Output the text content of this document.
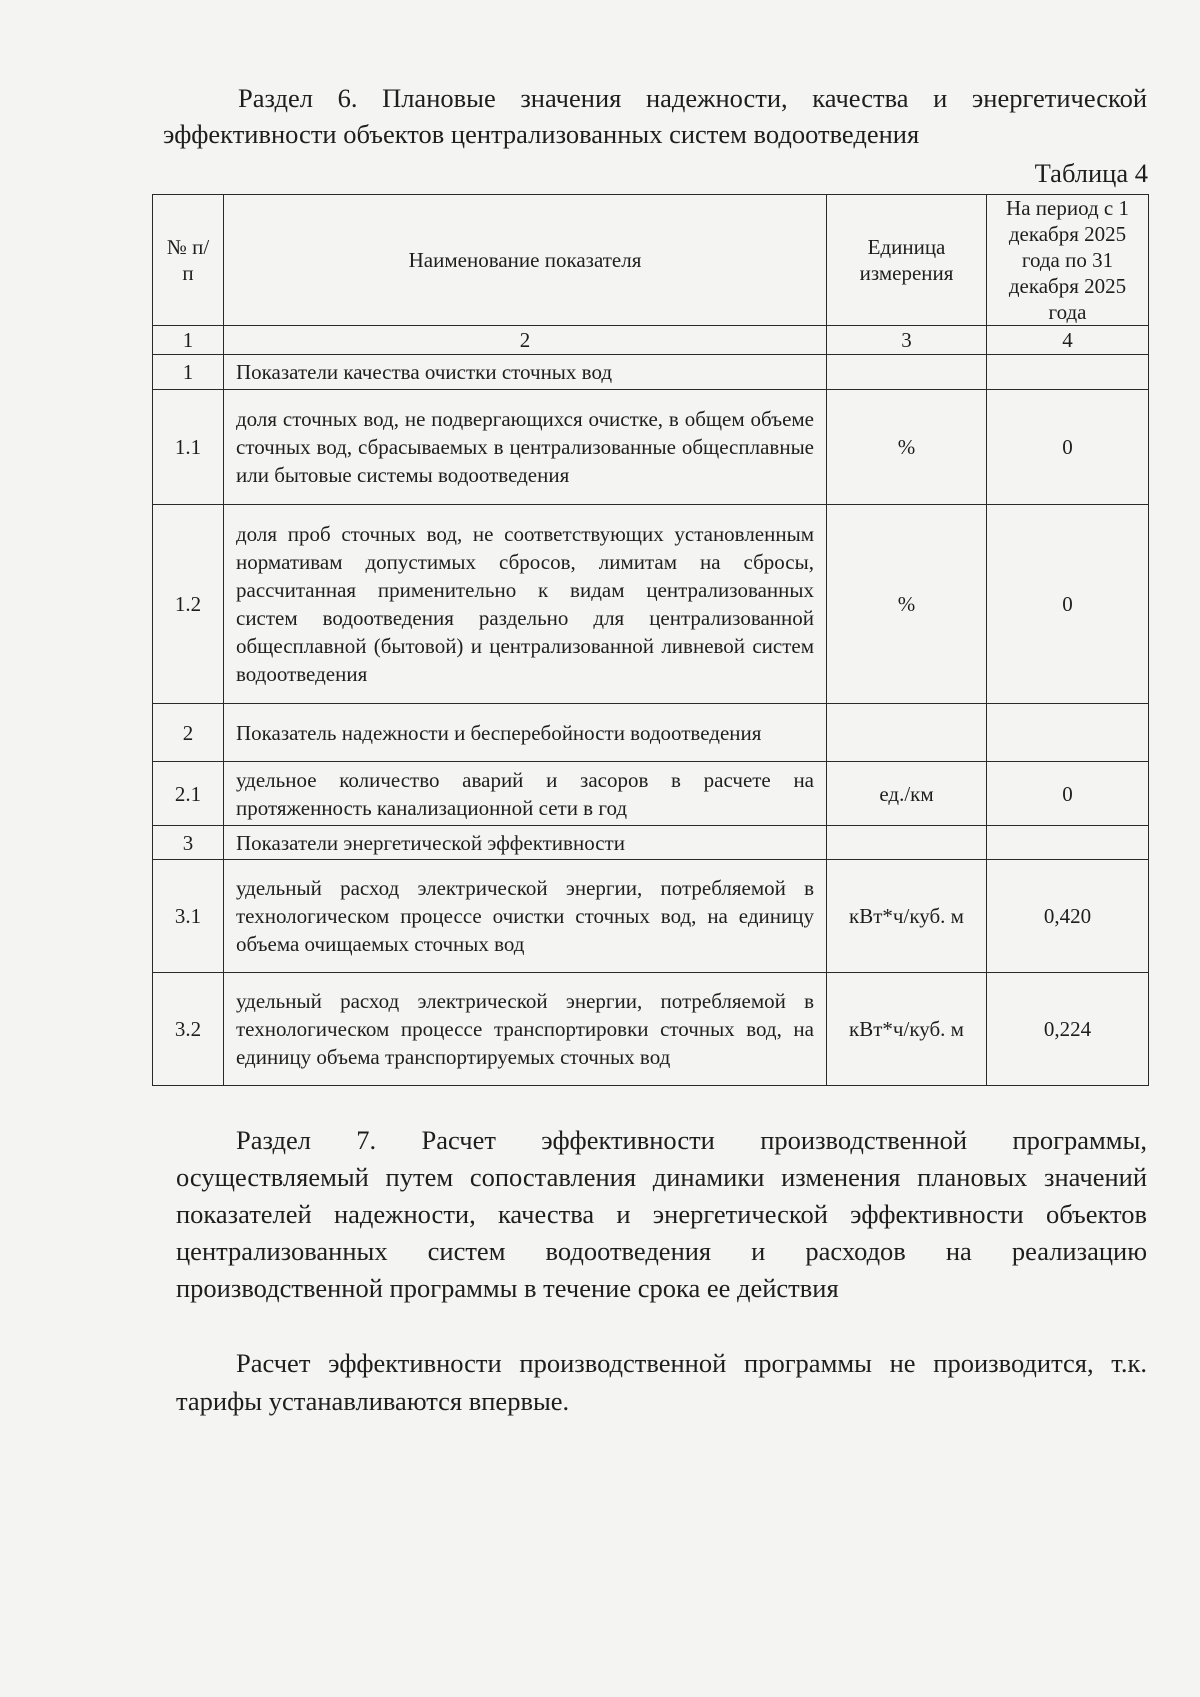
Раздел 6. Плановые значения надежности, качества и энергетической эффективности объектов централизованных систем водоотведения

Таблица 4
№ п/п	Наименование показателя	Единица измерения	На период с 1 декабря 2025 года по 31 декабря 2025 года
1	2	3	4
1	Показатели качества очистки сточных вод		
1.1	доля сточных вод, не подвергающихся очистке, в общем объеме сточных вод, сбрасываемых в централизованные общесплавные или бытовые системы водоотведения	%	0
1.2	доля проб сточных вод, не соответствующих установленным нормативам допустимых сбросов, лимитам на сбросы, рассчитанная применительно к видам централизованных систем водоотведения раздельно для централизованной общесплавной (бытовой) и централизованной ливневой систем водоотведения	%	0
2	Показатель надежности и бесперебойности водоотведения		
2.1	удельное количество аварий и засоров в расчете на протяженность канализационной сети в год	ед./км	0
3	Показатели энергетической эффективности		
3.1	удельный расход электрической энергии, потребляемой в технологическом процессе очистки сточных вод, на единицу объема очищаемых сточных вод	кВт*ч/куб. м	0,420
3.2	удельный расход электрической энергии, потребляемой в технологическом процессе транспортировки сточных вод, на единицу объема транспортируемых сточных вод	кВт*ч/куб. м	0,224

Раздел 7. Расчет эффективности производственной программы, осуществляемый путем сопоставления динамики изменения плановых значений показателей надежности, качества и энергетической эффективности объектов централизованных систем водоотведения и расходов на реализацию производственной программы в течение срока ее действия

Расчет эффективности производственной программы не производится, т.к. тарифы устанавливаются впервые.
